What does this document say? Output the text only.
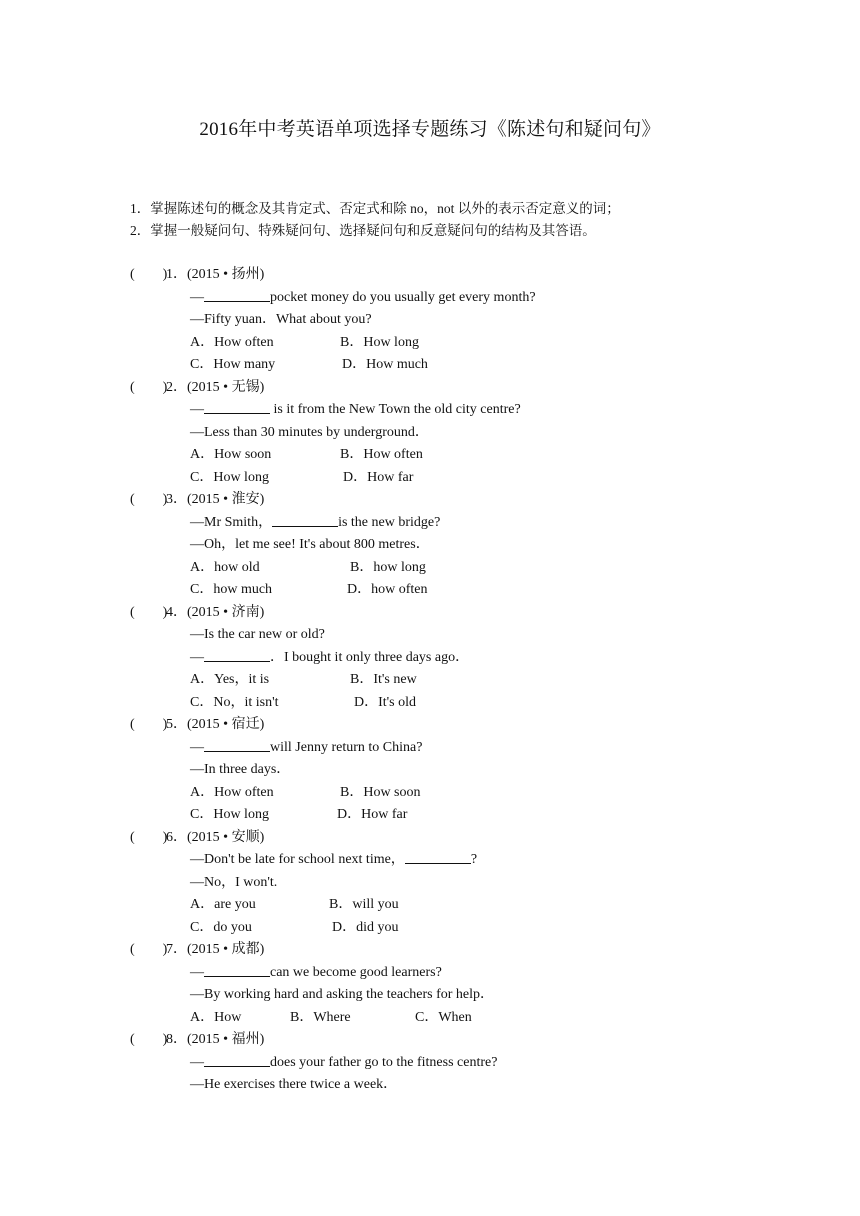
2016年中考英语单项选择专题练习《陈述句和疑问句》
1．掌握陈述句的概念及其肯定式、否定式和除 no，not 以外的表示否定意义的词；
2．掌握一般疑问句、特殊疑问句、选择疑问句和反意疑问句的结构及其答语。
(　　)
1．(2015 • 扬州)
—	pocket money do you usually get every month?
—Fifty yuan．What about you?
A．How often	B．How long
C．How many	D．How much
(　　)
2．(2015 • 无锡)
—	is it from the New Town the old city centre?
—Less than 30 minutes by underground．
A．How soon	B．How often
C．How long	D．How far
(　　)
3．(2015 • 淮安)
—Mr Smith，	is the new bridge?
—Oh，let me see! It's about 800 metres．
A．how old	B．how long
C．how much	D．how often
(　　)
4．(2015 • 济南)
—Is the car new or old?
—	．I bought it only three days ago．
A．Yes，it is	B．It's new
C．No，it isn't	D．It's old
(　　)
5．(2015 • 宿迁)
—	will Jenny return to China?
—In three days．
A．How often	B．How soon
C．How long	D．How far
(　　)
6．(2015 • 安顺)
—Don't be late for school next time，	?
—No，I won't.
A．are you	B．will you
C．do you	D．did you
(　　)
7．(2015 • 成都)
—	can we become good learners?
—By working hard and asking the teachers for help．
A．How	B．Where	C．When
(　　)
8．(2015 • 福州)
—	does your father go to the fitness centre?
—He exercises there twice a week．
